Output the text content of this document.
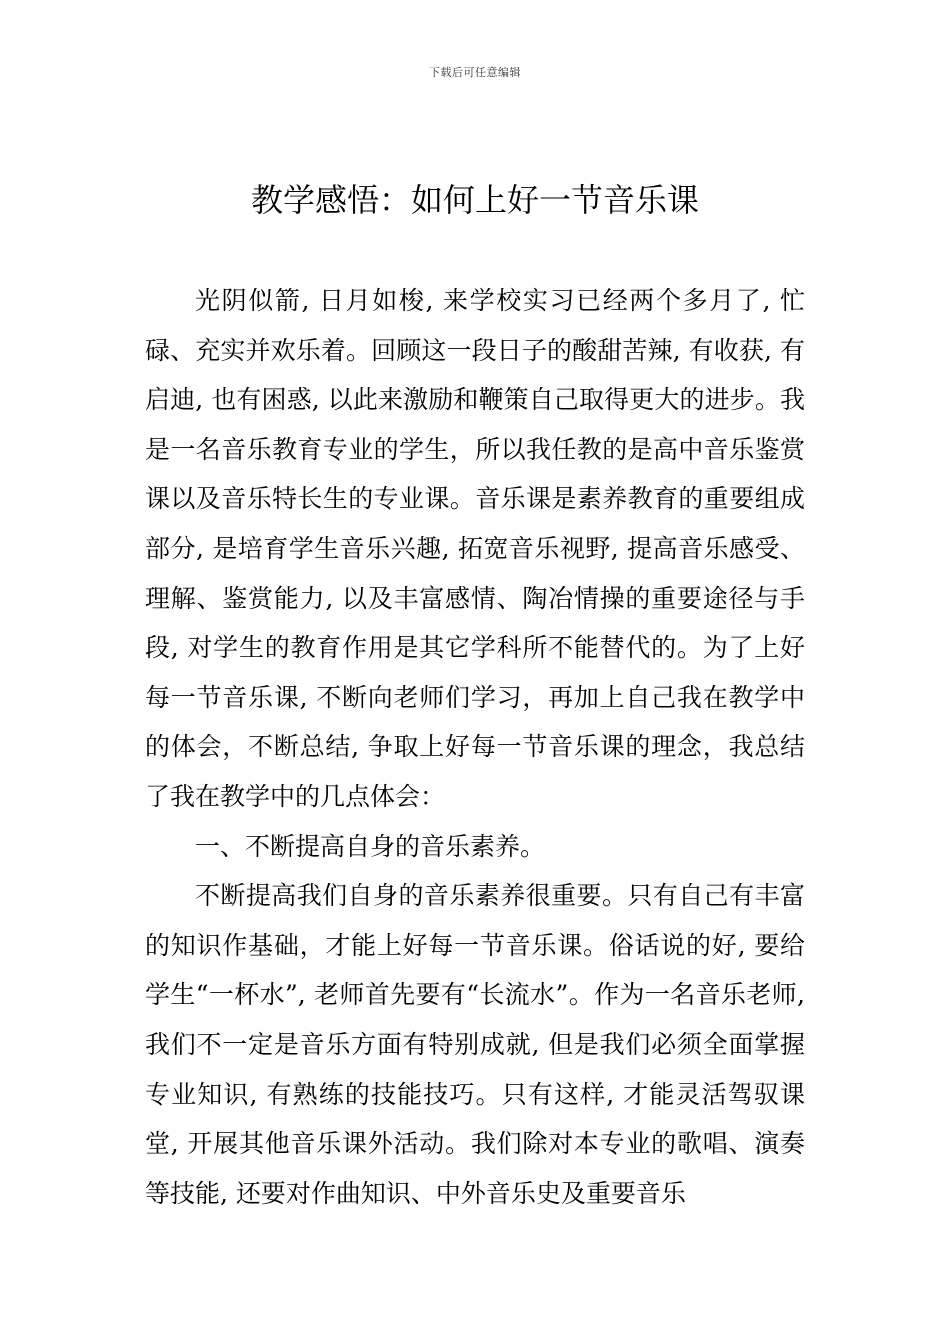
下载后可任意编辑
教学感悟：如何上好一节音乐课

光阴似箭, 日月如梭, 来学校实习已经两个多月了, 忙碌、充实并欢乐着。回顾这一段日子的酸甜苦辣, 有收获, 有启迪, 也有困惑, 以此来激励和鞭策自己取得更大的进步。我是一名音乐教育专业的学生，所以我任教的是高中音乐鉴赏课以及音乐特长生的专业课。音乐课是素养教育的重要组成部分, 是培育学生音乐兴趣, 拓宽音乐视野, 提高音乐感受、理解、鉴赏能力, 以及丰富感情、陶冶情操的重要途径与手段, 对学生的教育作用是其它学科所不能替代的。为了上好每一节音乐课, 不断向老师们学习，再加上自己我在教学中的体会，不断总结, 争取上好每一节音乐课的理念，我总结了我在教学中的几点体会：

一、不断提高自身的音乐素养。

不断提高我们自身的音乐素养很重要。只有自己有丰富的知识作基础，才能上好每一节音乐课。俗话说的好, 要给学生“一杯水”, 老师首先要有“长流水”。作为一名音乐老师, 我们不一定是音乐方面有特别成就, 但是我们必须全面掌握专业知识, 有熟练的技能技巧。只有这样, 才能灵活驾驭课堂, 开展其他音乐课外活动。我们除对本专业的歌唱、演奏等技能, 还要对作曲知识、中外音乐史及重要音乐
